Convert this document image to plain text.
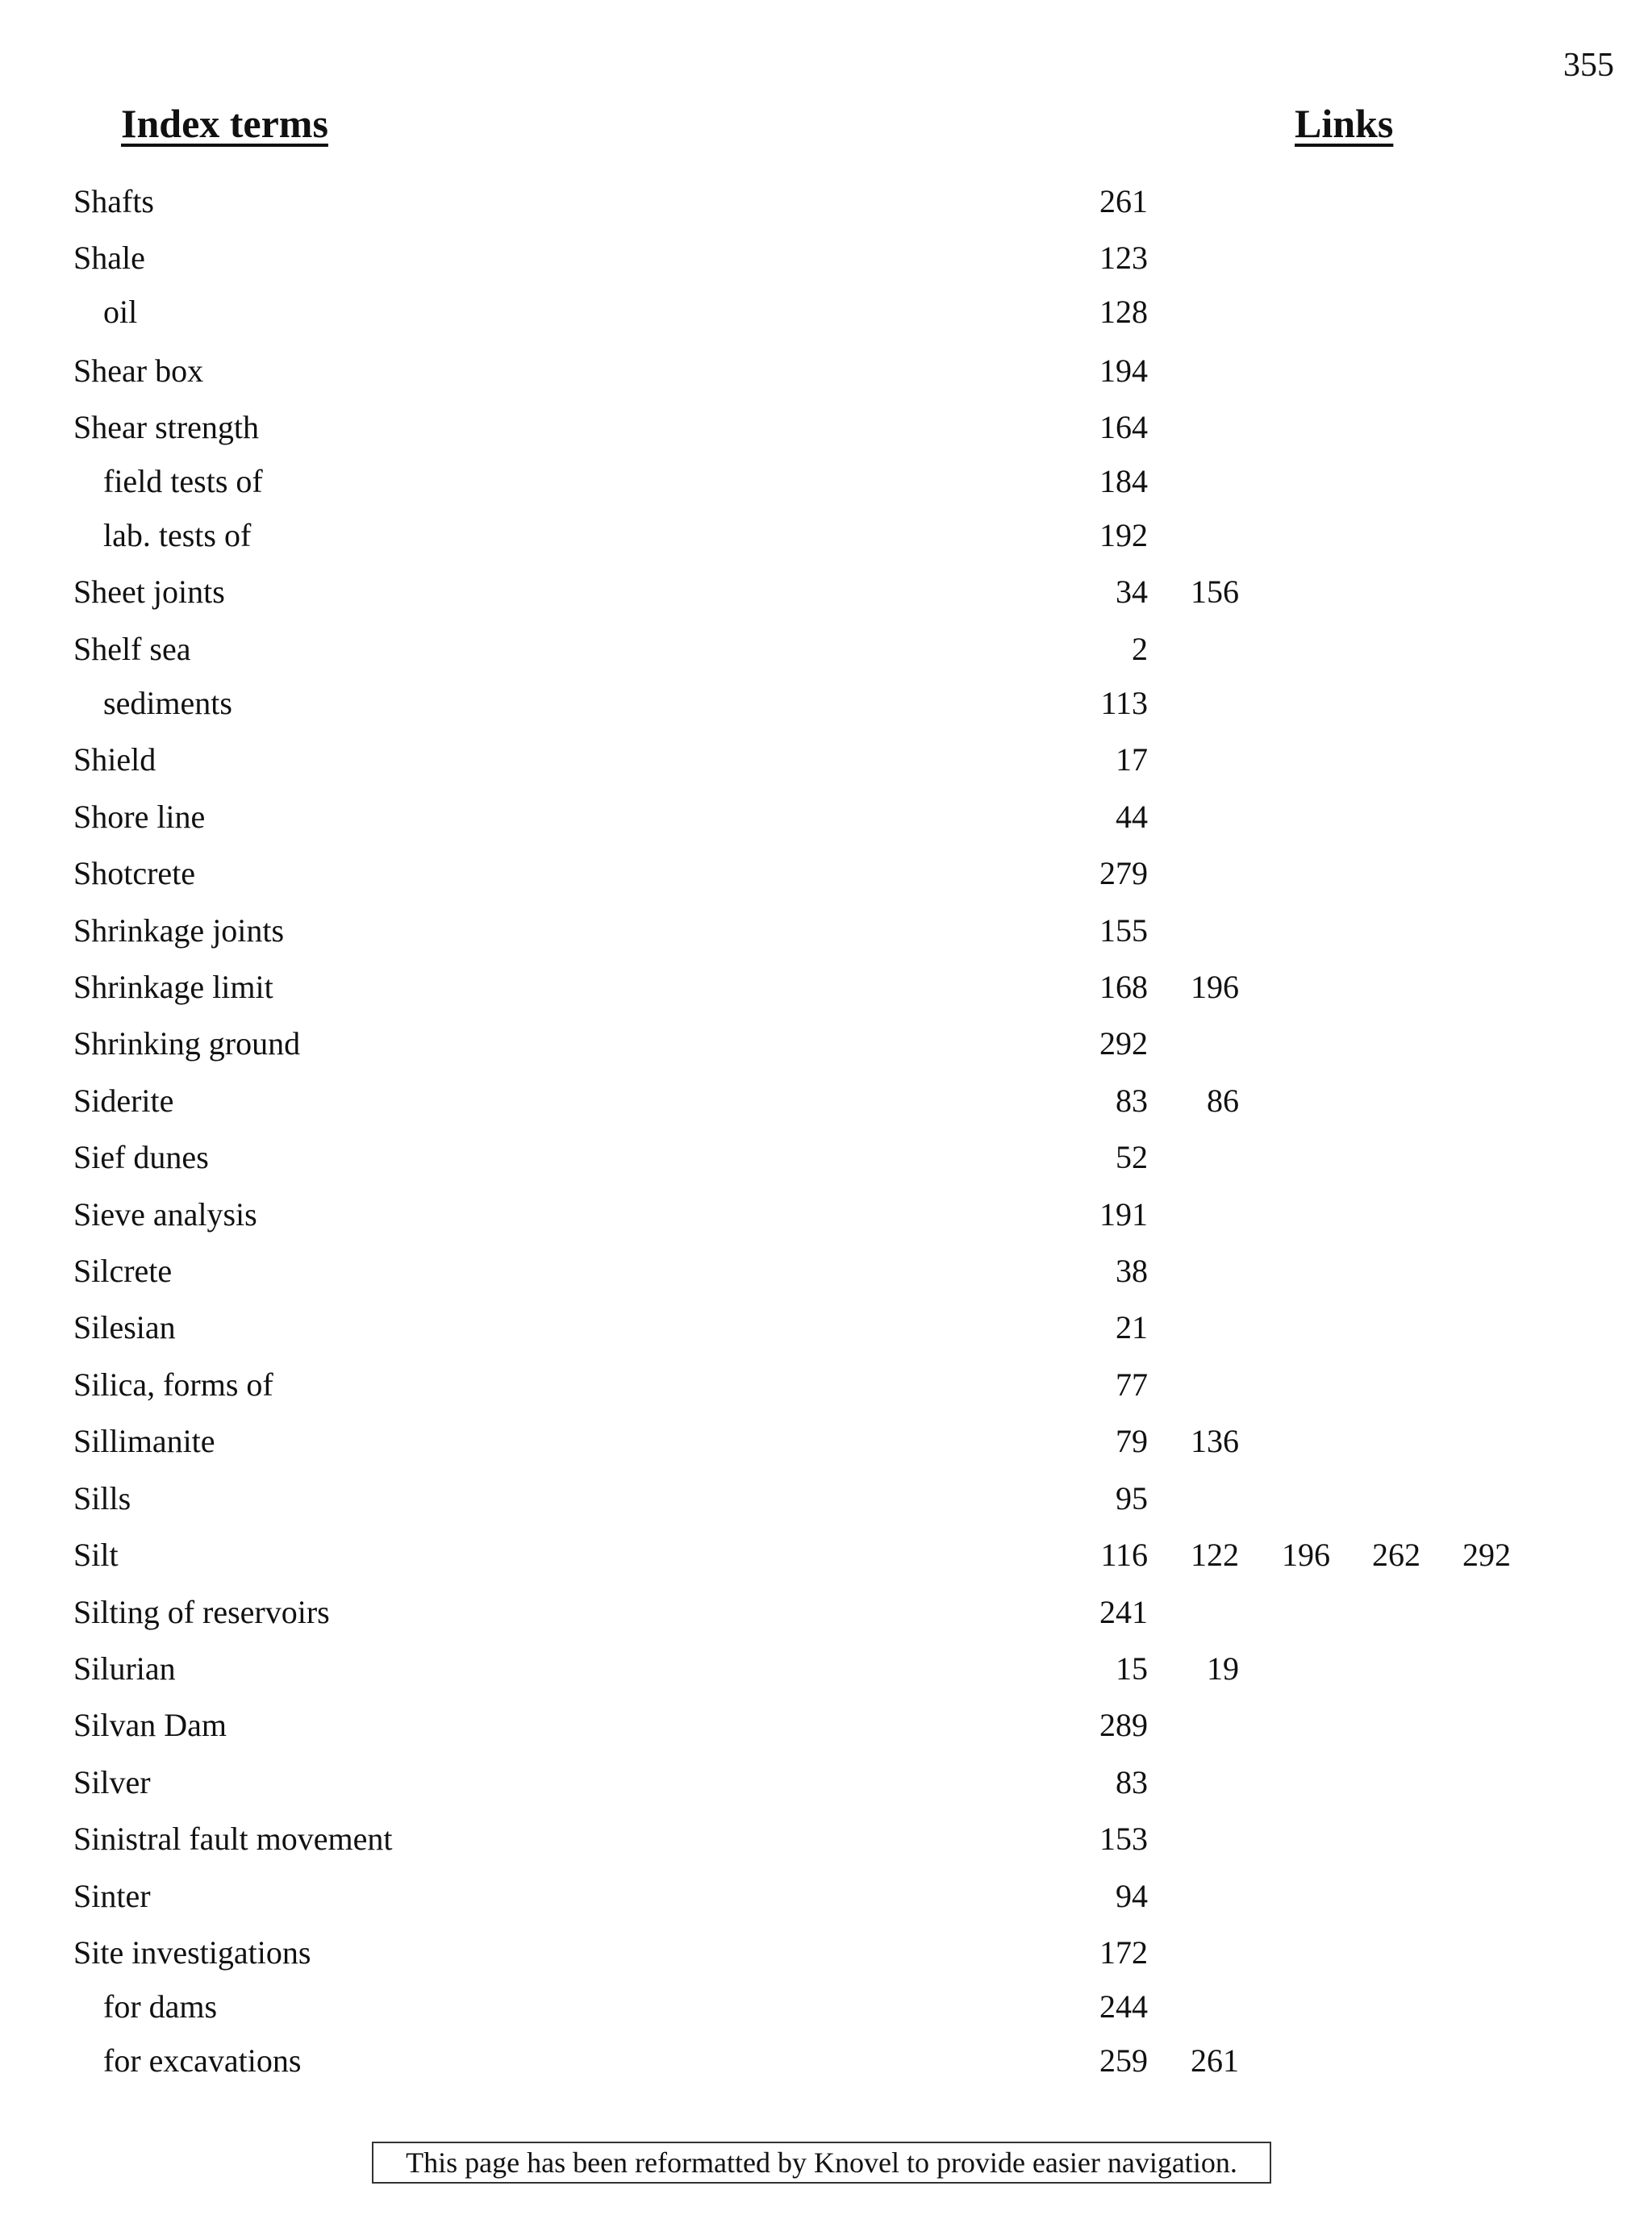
355
Index terms	Links
Shafts	261
Shale	123
oil	128
Shear box	194
Shear strength	164
field tests of	184
lab. tests of	192
Sheet joints	34	156
Shelf sea	2
sediments	113
Shield	17
Shore line	44
Shotcrete	279
Shrinkage joints	155
Shrinkage limit	168	196
Shrinking ground	292
Siderite	83	86
Sief dunes	52
Sieve analysis	191
Silcrete	38
Silesian	21
Silica, forms of	77
Sillimanite	79	136
Sills	95
Silt	116	122	196	262	292
Silting of reservoirs	241
Silurian	15	19
Silvan Dam	289
Silver	83
Sinistral fault movement	153
Sinter	94
Site investigations	172
for dams	244
for excavations	259	261
This page has been reformatted by Knovel to provide easier navigation.
